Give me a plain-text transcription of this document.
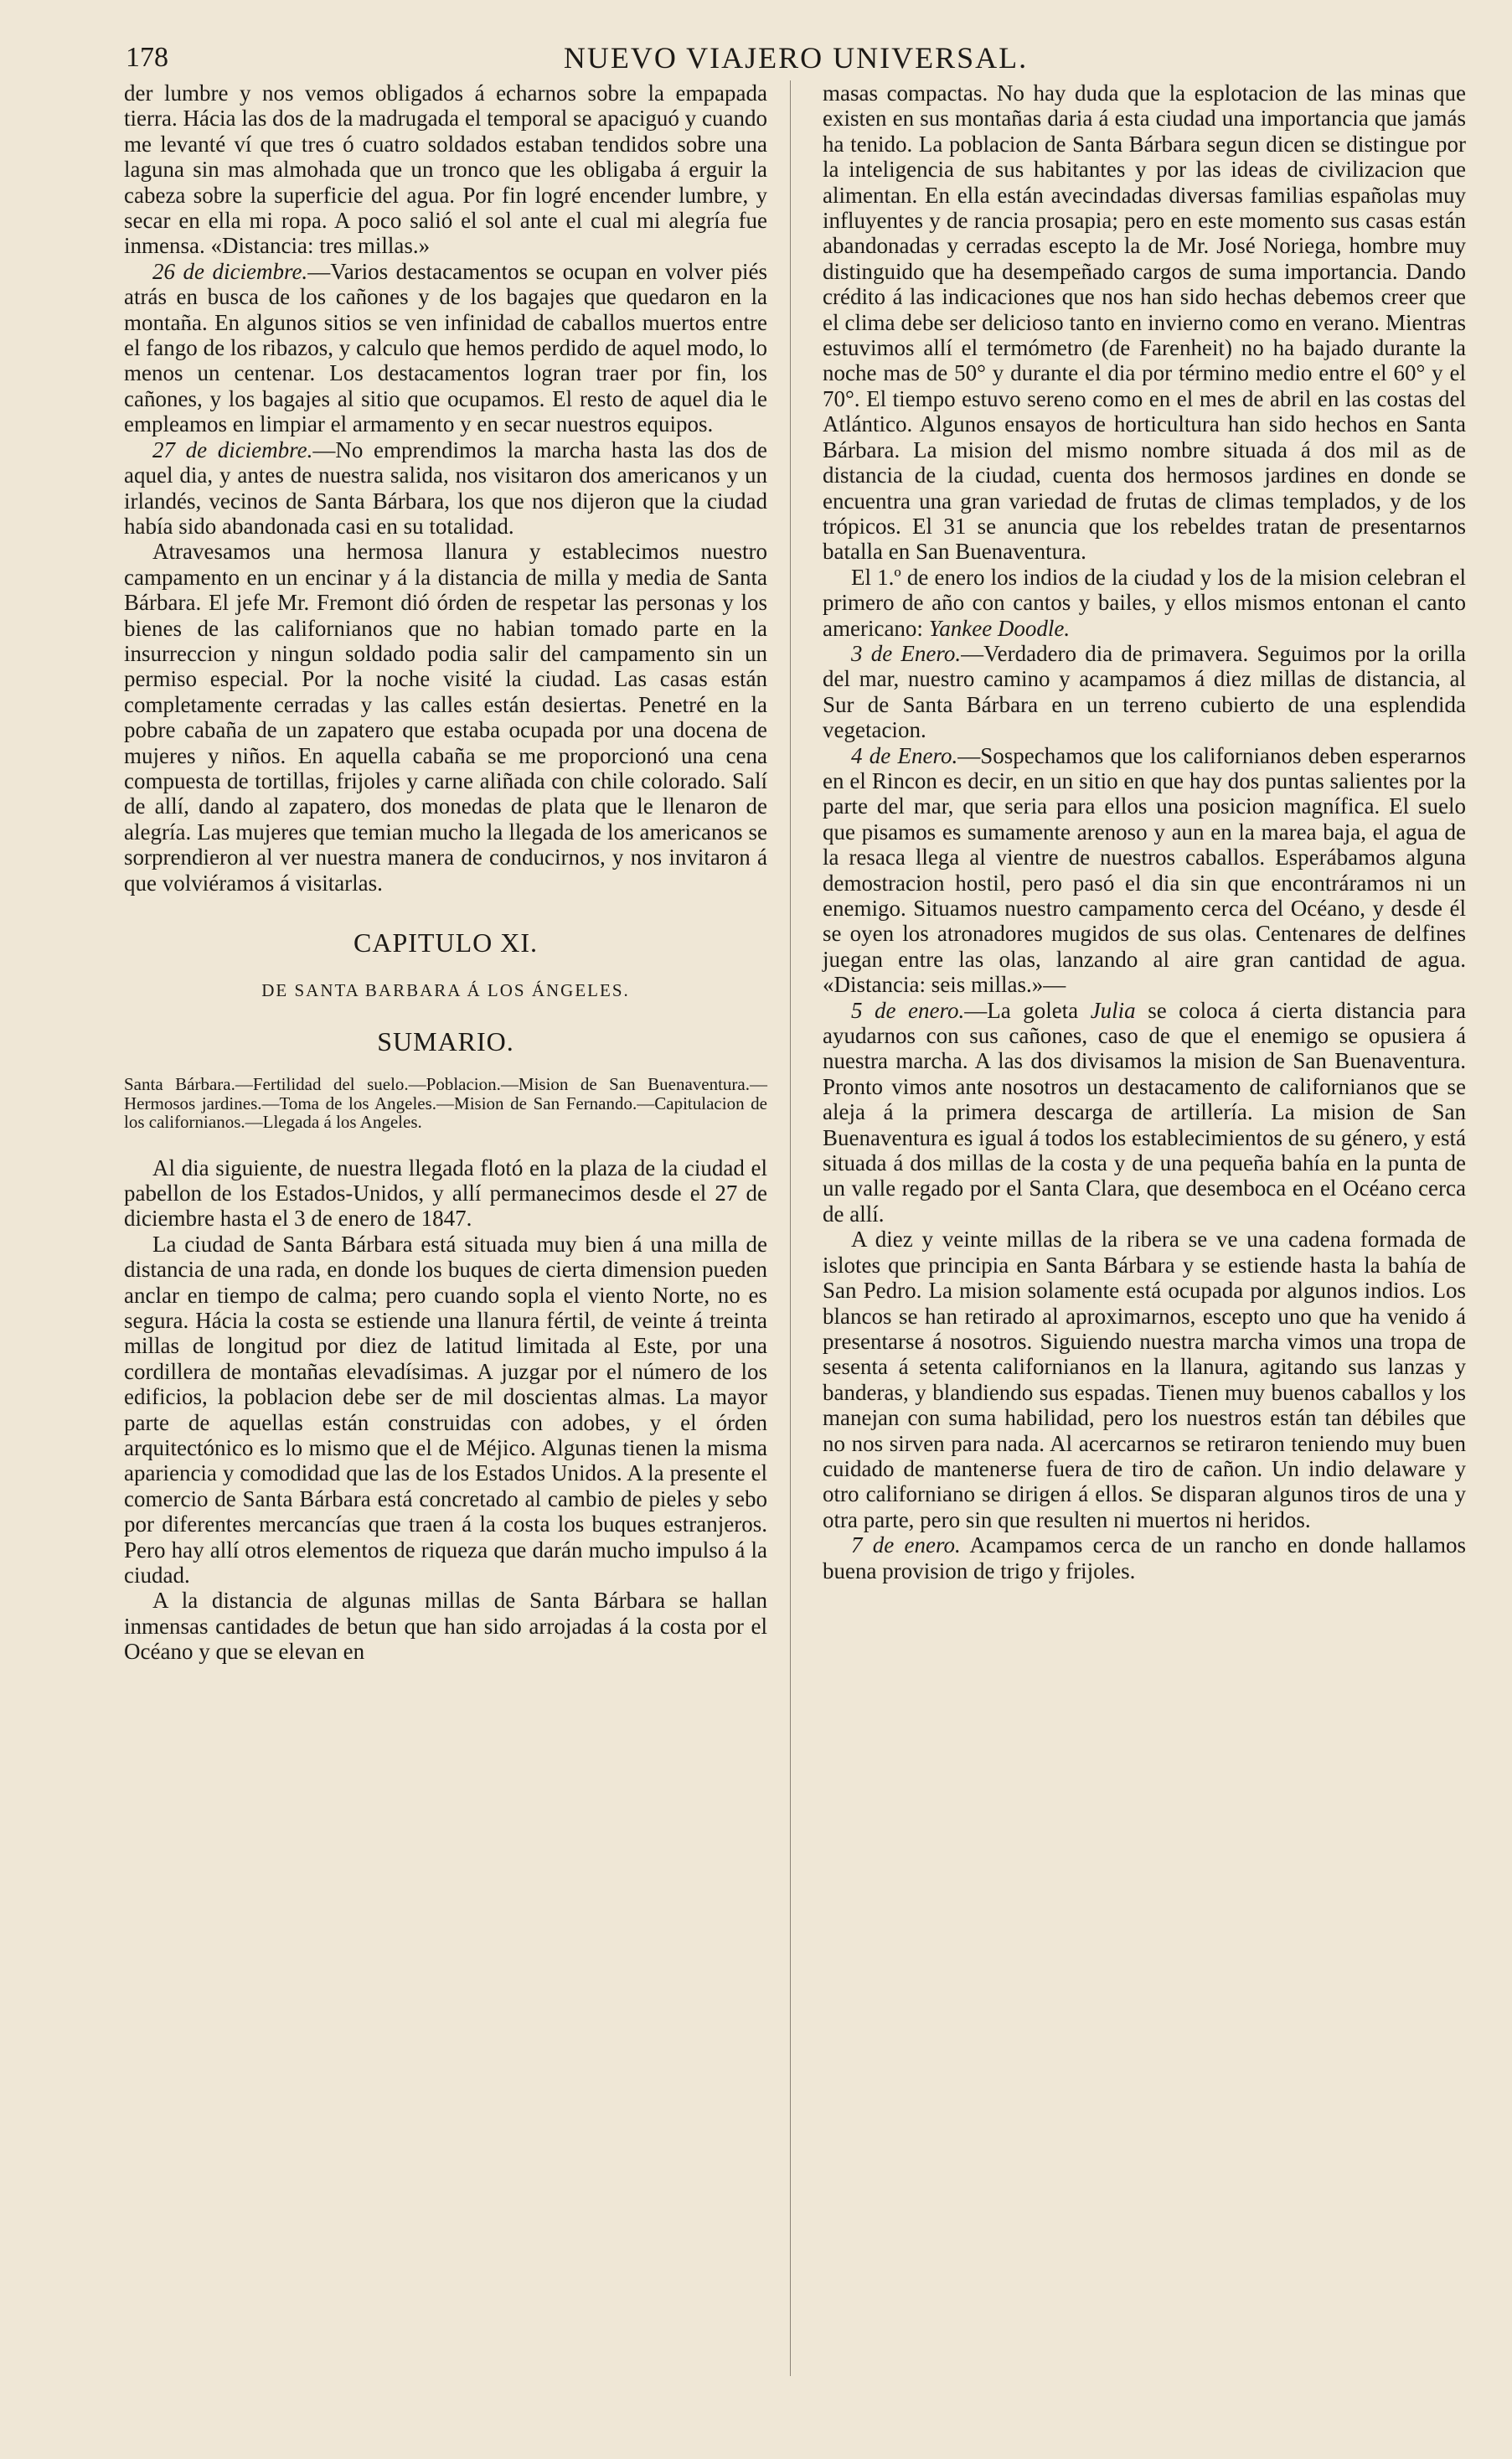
178	NUEVO VIAJERO UNIVERSAL.

der lumbre y nos vemos obligados á echarnos sobre la empapada tierra. Hácia las dos de la madrugada el temporal se apaciguó y cuando me levanté ví que tres ó cuatro soldados estaban tendidos sobre una laguna sin mas almohada que un tronco que les obligaba á erguir la cabeza sobre la superficie del agua. Por fin logré encender lumbre, y secar en ella mi ropa. A poco salió el sol ante el cual mi alegría fue inmensa. «Distancia: tres millas.»

26 de diciembre.—Varios destacamentos se ocupan en volver piés atrás en busca de los cañones y de los bagajes que quedaron en la montaña. En algunos sitios se ven infinidad de caballos muertos entre el fango de los ribazos, y calculo que hemos perdido de aquel modo, lo menos un centenar. Los destacamentos logran traer por fin, los cañones, y los bagajes al sitio que ocupamos. El resto de aquel dia le empleamos en limpiar el armamento y en secar nuestros equipos.

27 de diciembre.—No emprendimos la marcha hasta las dos de aquel dia, y antes de nuestra salida, nos visitaron dos americanos y un irlandés, vecinos de Santa Bárbara, los que nos dijeron que la ciudad había sido abandonada casi en su totalidad.

Atravesamos una hermosa llanura y establecimos nuestro campamento en un encinar y á la distancia de milla y media de Santa Bárbara. El jefe Mr. Fremont dió órden de respetar las personas y los bienes de las californianos que no habian tomado parte en la insurreccion y ningun soldado podia salir del campamento sin un permiso especial. Por la noche visité la ciudad. Las casas están completamente cerradas y las calles están desiertas. Penetré en la pobre cabaña de un zapatero que estaba ocupada por una docena de mujeres y niños. En aquella cabaña se me proporcionó una cena compuesta de tortillas, frijoles y carne aliñada con chile colorado. Salí de allí, dando al zapatero, dos monedas de plata que le llenaron de alegría. Las mujeres que temian mucho la llegada de los americanos se sorprendieron al ver nuestra manera de conducirnos, y nos invitaron á que volviéramos á visitarlas.

CAPITULO XI.
DE SANTA BARBARA Á LOS ÁNGELES.
SUMARIO.
Santa Bárbara.—Fertilidad del suelo.—Poblacion.—Mision de San Buenaventura.—Hermosos jardines.—Toma de los Angeles.—Mision de San Fernando.—Capitulacion de los californianos.—Llegada á los Angeles.

Al dia siguiente, de nuestra llegada flotó en la plaza de la ciudad el pabellon de los Estados-Unidos, y allí permanecimos desde el 27 de diciembre hasta el 3 de enero de 1847.

La ciudad de Santa Bárbara está situada muy bien á una milla de distancia de una rada, en donde los buques de cierta dimension pueden anclar en tiempo de calma; pero cuando sopla el viento Norte, no es segura. Hácia la costa se estiende una llanura fértil, de veinte á treinta millas de longitud por diez de latitud limitada al Este, por una cordillera de montañas elevadísimas. A juzgar por el número de los edificios, la poblacion debe ser de mil doscientas almas. La mayor parte de aquellas están construidas con adobes, y el órden arquitectónico es lo mismo que el de Méjico. Algunas tienen la misma apariencia y comodidad que las de los Estados Unidos. A la presente el comercio de Santa Bárbara está concretado al cambio de pieles y sebo por diferentes mercancías que traen á la costa los buques estranjeros. Pero hay allí otros elementos de riqueza que darán mucho impulso á la ciudad.

A la distancia de algunas millas de Santa Bárbara se hallan inmensas cantidades de betun que han sido arrojadas á la costa por el Océano y que se elevan en

masas compactas. No hay duda que la esplotacion de las minas que existen en sus montañas daria á esta ciudad una importancia que jamás ha tenido. La poblacion de Santa Bárbara segun dicen se distingue por la inteligencia de sus habitantes y por las ideas de civilizacion que alimentan. En ella están avecindadas diversas familias españolas muy influyentes y de rancia prosapia; pero en este momento sus casas están abandonadas y cerradas escepto la de Mr. José Noriega, hombre muy distinguido que ha desempeñado cargos de suma importancia. Dando crédito á las indicaciones que nos han sido hechas debemos creer que el clima debe ser delicioso tanto en invierno como en verano. Mientras estuvimos allí el termómetro (de Farenheit) no ha bajado durante la noche mas de 50° y durante el dia por término medio entre el 60° y el 70°. El tiempo estuvo sereno como en el mes de abril en las costas del Atlántico. Algunos ensayos de horticultura han sido hechos en Santa Bárbara. La mision del mismo nombre situada á dos mil as de distancia de la ciudad, cuenta dos hermosos jardines en donde se encuentra una gran variedad de frutas de climas templados, y de los trópicos. El 31 se anuncia que los rebeldes tratan de presentarnos batalla en San Buenaventura.

El 1.º de enero los indios de la ciudad y los de la mision celebran el primero de año con cantos y bailes, y ellos mismos entonan el canto americano: Yankee Doodle.

3 de Enero.—Verdadero dia de primavera. Seguimos por la orilla del mar, nuestro camino y acampamos á diez millas de distancia, al Sur de Santa Bárbara en un terreno cubierto de una esplendida vegetacion.

4 de Enero.—Sospechamos que los californianos deben esperarnos en el Rincon es decir, en un sitio en que hay dos puntas salientes por la parte del mar, que seria para ellos una posicion magnífica. El suelo que pisamos es sumamente arenoso y aun en la marea baja, el agua de la resaca llega al vientre de nuestros caballos. Esperábamos alguna demostracion hostil, pero pasó el dia sin que encontráramos ni un enemigo. Situamos nuestro campamento cerca del Océano, y desde él se oyen los atronadores mugidos de sus olas. Centenares de delfines juegan entre las olas, lanzando al aire gran cantidad de agua. «Distancia: seis millas.»—

5 de enero.—La goleta Julia se coloca á cierta distancia para ayudarnos con sus cañones, caso de que el enemigo se opusiera á nuestra marcha. A las dos divisamos la mision de San Buenaventura. Pronto vimos ante nosotros un destacamento de californianos que se aleja á la primera descarga de artillería. La mision de San Buenaventura es igual á todos los establecimientos de su género, y está situada á dos millas de la costa y de una pequeña bahía en la punta de un valle regado por el Santa Clara, que desemboca en el Océano cerca de allí.

A diez y veinte millas de la ribera se ve una cadena formada de islotes que principia en Santa Bárbara y se estiende hasta la bahía de San Pedro. La mision solamente está ocupada por algunos indios. Los blancos se han retirado al aproximarnos, escepto uno que ha venido á presentarse á nosotros. Siguiendo nuestra marcha vimos una tropa de sesenta á setenta californianos en la llanura, agitando sus lanzas y banderas, y blandiendo sus espadas. Tienen muy buenos caballos y los manejan con suma habilidad, pero los nuestros están tan débiles que no nos sirven para nada. Al acercarnos se retiraron teniendo muy buen cuidado de mantenerse fuera de tiro de cañon. Un indio delaware y otro californiano se dirigen á ellos. Se disparan algunos tiros de una y otra parte, pero sin que resulten ni muertos ni heridos.

7 de enero. Acampamos cerca de un rancho en donde hallamos buena provision de trigo y frijoles.
